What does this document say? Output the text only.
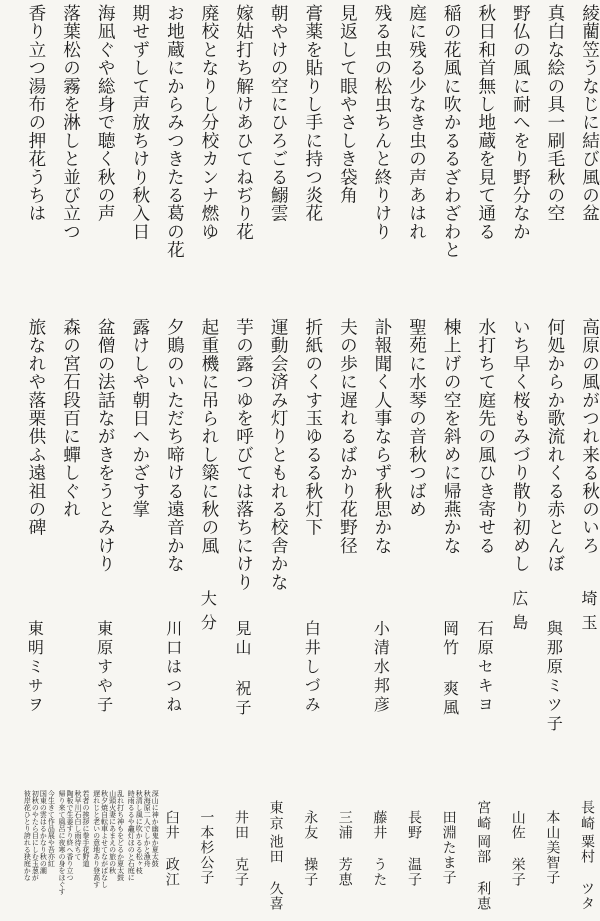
綾藺笠うなじに結び風の盆
真白な絵の具一刷毛秋の空
野仏の風に耐へをり野分なか
秋日和首無し地蔵を見て通る
稲の花風に吹かるるざわざわと
庭に残る少なき虫の声あはれ
残る虫の松虫ちんと終りけり
見返して眼やさしき袋角
膏薬を貼りし手に持つ炎花
朝やけの空にひろごる鰯雲
嫁姑打ち解けあひてねぢり花
廃校となりし分校カンナ燃ゆ
お地蔵にからみつきたる葛の花
期せずして声放ちけり秋入日
海凪ぐや総身で聴く秋の声
落葉松の霧を淋しと並び立つ
香り立つ湯布の押花うちは
高原の風がつれ来る秋のいろ
何処からか歌流れくる赤とんぼ
いち早く桜もみづり散り初めし
水打ちて庭先の風ひき寄せる
棟上げの空を斜めに帰燕かな
聖苑に水琴の音秋つばめ
訃報聞く人事ならず秋思かな
夫の歩に遅れるばかり花野径
折紙のくす玉ゆるる秋灯下
運動会済み灯りともれる校舎かな
芋の露つゆを呼びては落ちにけり
起重機に吊られし簗に秋の風
夕鵙のいただち啼ける遠音かな
露けしや朝日へかざす掌
盆僧の法話ながきをうとみけり
森の宮石段百に蟬しぐれ
旅なれや落栗供ふ遠祖の碑
埼玉
與那原ミツ子
広島
石原セキヨ
岡竹 爽風
小清水邦彦
白井しづみ
見山 祝子
大分
川口はつね
東原すや子
東明ミサヲ
長崎
粟村 ツタ
本山美智子
山佐 栄子
宮崎
岡部 利恵
田淵たま子
長野 温子
藤井 うた
三浦 芳恵
永友 操子
東京
池田 久喜
井田 克子
一本杉公子
臼井 政江
時雨るるや龕灯ほのと石庭に
遅れじと老いの意地あり登高す
帰り来て風呂に夜寒の身をほぐす
彼岸花ひとり誇れる狭庭かな	秋清し風に吹かるる松ヶ枝
秋夕焼自転車よせてながばなし
陶板で生姜すり終へ香り立つ
初秋のやたら目にしむ玉葱が	秋海原二人でしかと漁舟
山頭火妻にあまえの旅の秋
秋早川石白し雨待ちて
国東の雲はるかなり秋の潮	深山に神か幽鬼か夏太鼓
乱れ打ち神もをどるか夏太鼓
若者の挨拶に拳手花野道
今生きて作品展や吾亦紅
